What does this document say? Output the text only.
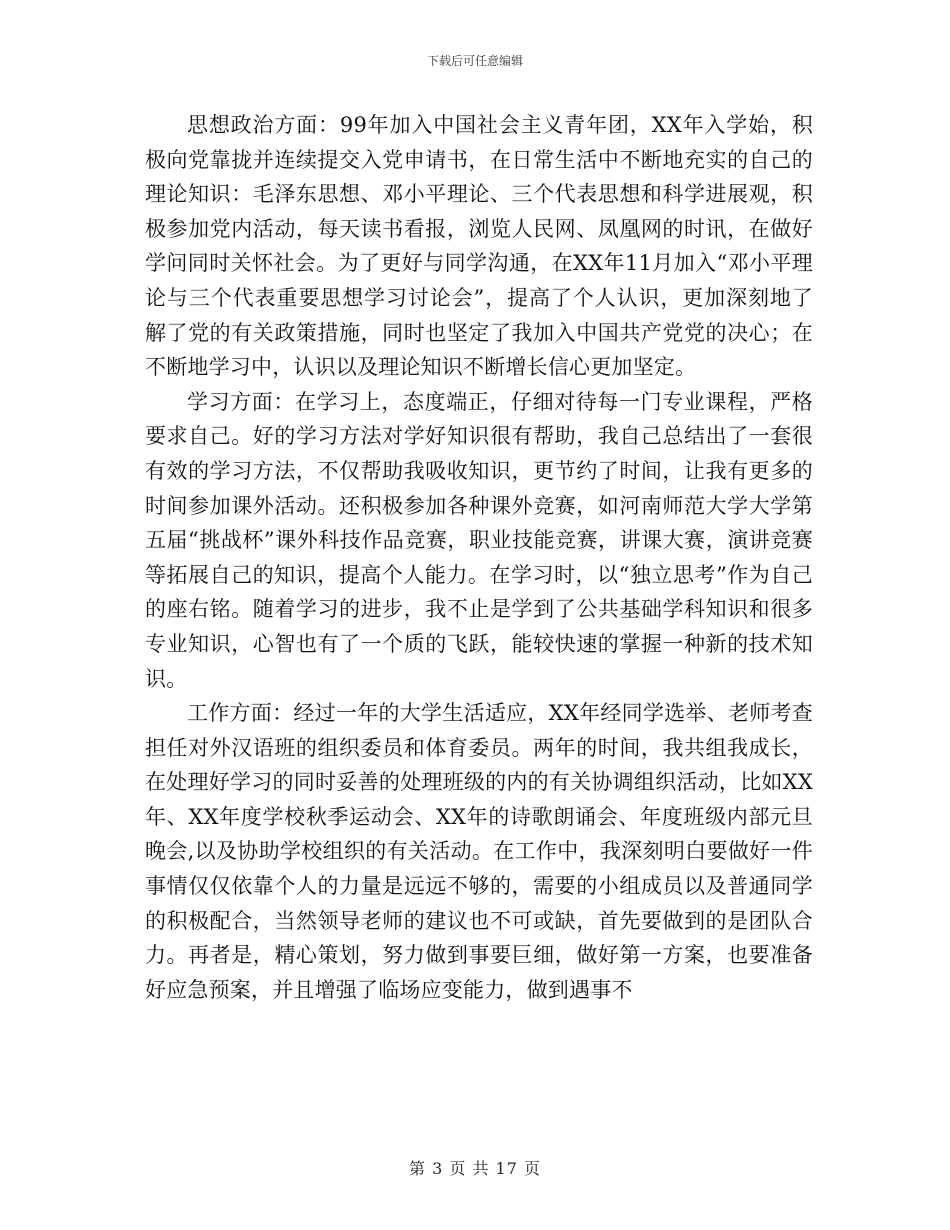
下载后可任意编辑

思想政治方面：99年加入中国社会主义青年团，XX年入学始，积极向党靠拢并连续提交入党申请书，在日常生活中不断地充实的自己的理论知识：毛泽东思想、邓小平理论、三个代表思想和科学进展观，积极参加党内活动，每天读书看报，浏览人民网、凤凰网的时讯，在做好学问同时关怀社会。为了更好与同学沟通，在XX年11月加入“邓小平理论与三个代表重要思想学习讨论会”，提高了个人认识，更加深刻地了解了党的有关政策措施，同时也坚定了我加入中国共产党党的决心；在不断地学习中，认识以及理论知识不断增长信心更加坚定。

学习方面：在学习上，态度端正，仔细对待每一门专业课程，严格要求自己。好的学习方法对学好知识很有帮助，我自己总结出了一套很有效的学习方法，不仅帮助我吸收知识，更节约了时间，让我有更多的时间参加课外活动。还积极参加各种课外竞赛，如河南师范大学大学第五届“挑战杯”课外科技作品竞赛，职业技能竞赛，讲课大赛，演讲竞赛等拓展自己的知识，提高个人能力。在学习时，以“独立思考”作为自己的座右铭。随着学习的进步，我不止是学到了公共基础学科知识和很多专业知识，心智也有了一个质的飞跃，能较快速的掌握一种新的技术知识。

工作方面：经过一年的大学生活适应，XX年经同学选举、老师考查担任对外汉语班的组织委员和体育委员。两年的时间，我共组我成长，在处理好学习的同时妥善的处理班级的内的有关协调组织活动，比如XX年、XX年度学校秋季运动会、XX年的诗歌朗诵会、年度班级内部元旦晚会,以及协助学校组织的有关活动。在工作中，我深刻明白要做好一件事情仅仅依靠个人的力量是远远不够的，需要的小组成员以及普通同学的积极配合，当然领导老师的建议也不可或缺，首先要做到的是团队合力。再者是，精心策划，努力做到事要巨细，做好第一方案，也要准备好应急预案，并且增强了临场应变能力，做到遇事不

第 3 页 共 17 页
